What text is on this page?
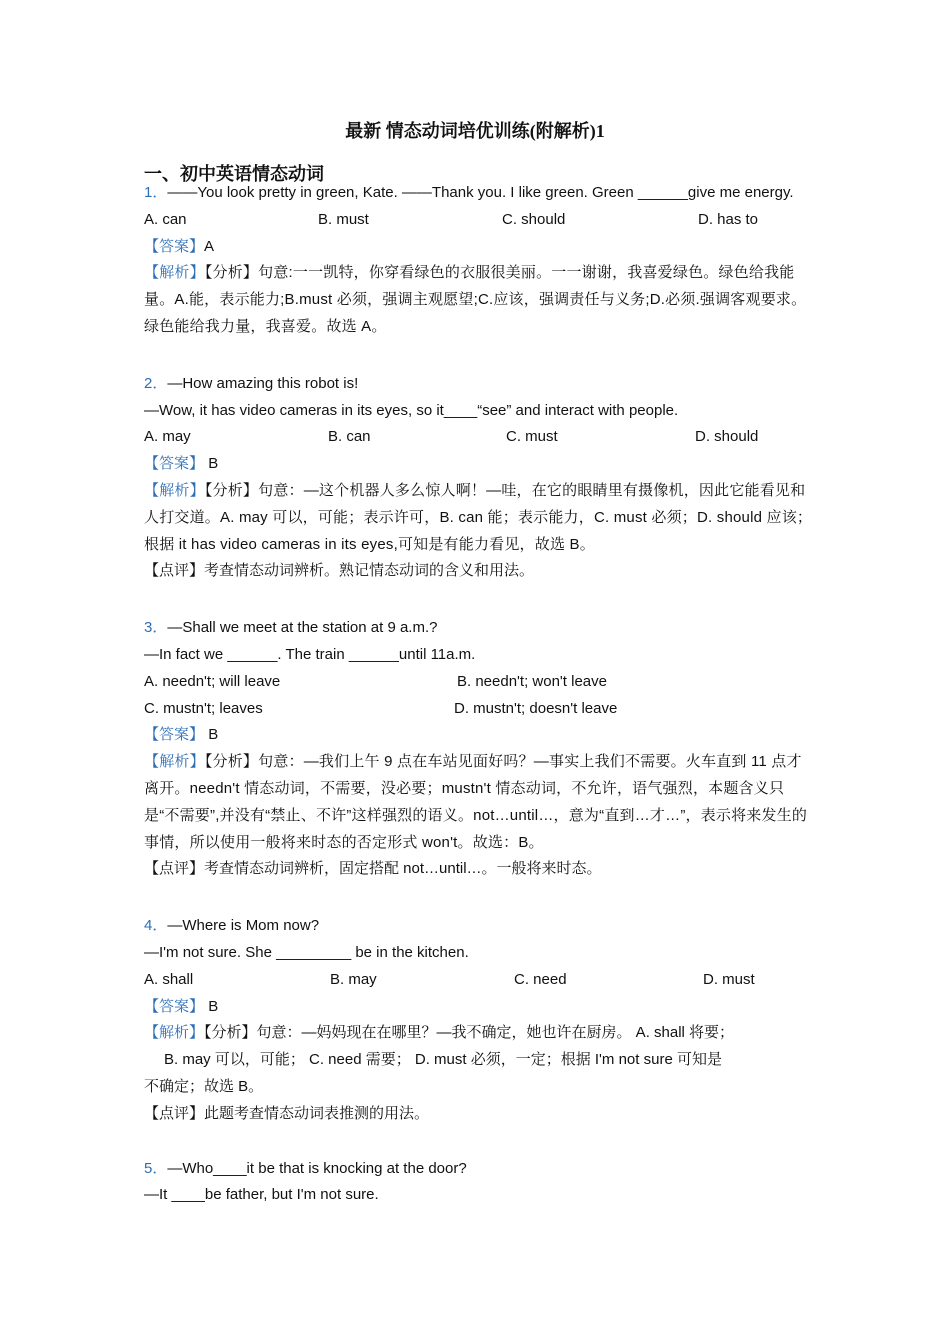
最新 情态动词培优训练(附解析)1
一、初中英语情态动词
1．——You look pretty in green, Kate. ——Thank you. I like green. Green ______give me energy.
A. can	B. must	C. should	D. has to
【答案】A
【解析】【分析】句意:一一凯特，你穿看绿色的衣服很美丽。一一谢谢，我喜爱绿色。绿色给我能量。A.能，表示能力;B.must 必须，强调主观愿望;C.应该，强调责任与义务;D.必须.强调客观要求。绿色能给我力量，我喜爱。故选 A。
2．—How amazing this robot is!
—Wow, it has video cameras in its eyes, so it____“see” and interact with people.
A. may	B. can	C. must	D. should
【答案】 B
【解析】【分析】句意：—这个机器人多么惊人啊！—哇，在它的眼睛里有摄像机，因此它能看见和人打交道。A. may 可以，可能；表示许可，B. can 能；表示能力，C. must 必须；D. should 应该；根据 it has video cameras in its eyes,可知是有能力看见，故选 B。
【点评】考查情态动词辨析。熟记情态动词的含义和用法。
3．—Shall we meet at the station at 9 a.m.?
—In fact we ______. The train ______until 11a.m.
A. needn't; will leave	B. needn't; won't leave
C. mustn't; leaves	D. mustn't; doesn't leave
【答案】 B
【解析】【分析】句意：—我们上午 9 点在车站见面好吗？—事实上我们不需要。火车直到 11 点才离开。needn't 情态动词，不需要，没必要；mustn't 情态动词，不允许，语气强烈，本题含义只是“不需要”,并没有“禁止、不许”这样强烈的语义。not…until…，意为“直到…才…”，表示将来发生的事情，所以使用一般将来时态的否定形式 won't。故选：B。
【点评】考查情态动词辨析，固定搭配 not…until…。一般将来时态。
4．—Where is Mom now?
—I'm not sure. She _________ be in the kitchen.
A. shall	B. may	C. need	D. must
【答案】 B
【解析】【分析】句意：—妈妈现在在哪里？—我不确定，她也许在厨房。 A. shall 将要；
B. may 可以，可能； C. need 需要； D. must 必须，一定；根据 I'm not sure 可知是
不确定；故选 B。
【点评】此题考查情态动词表推测的用法。
5．—Who____it be that is knocking at the door?
—It ____be father, but I'm not sure.
